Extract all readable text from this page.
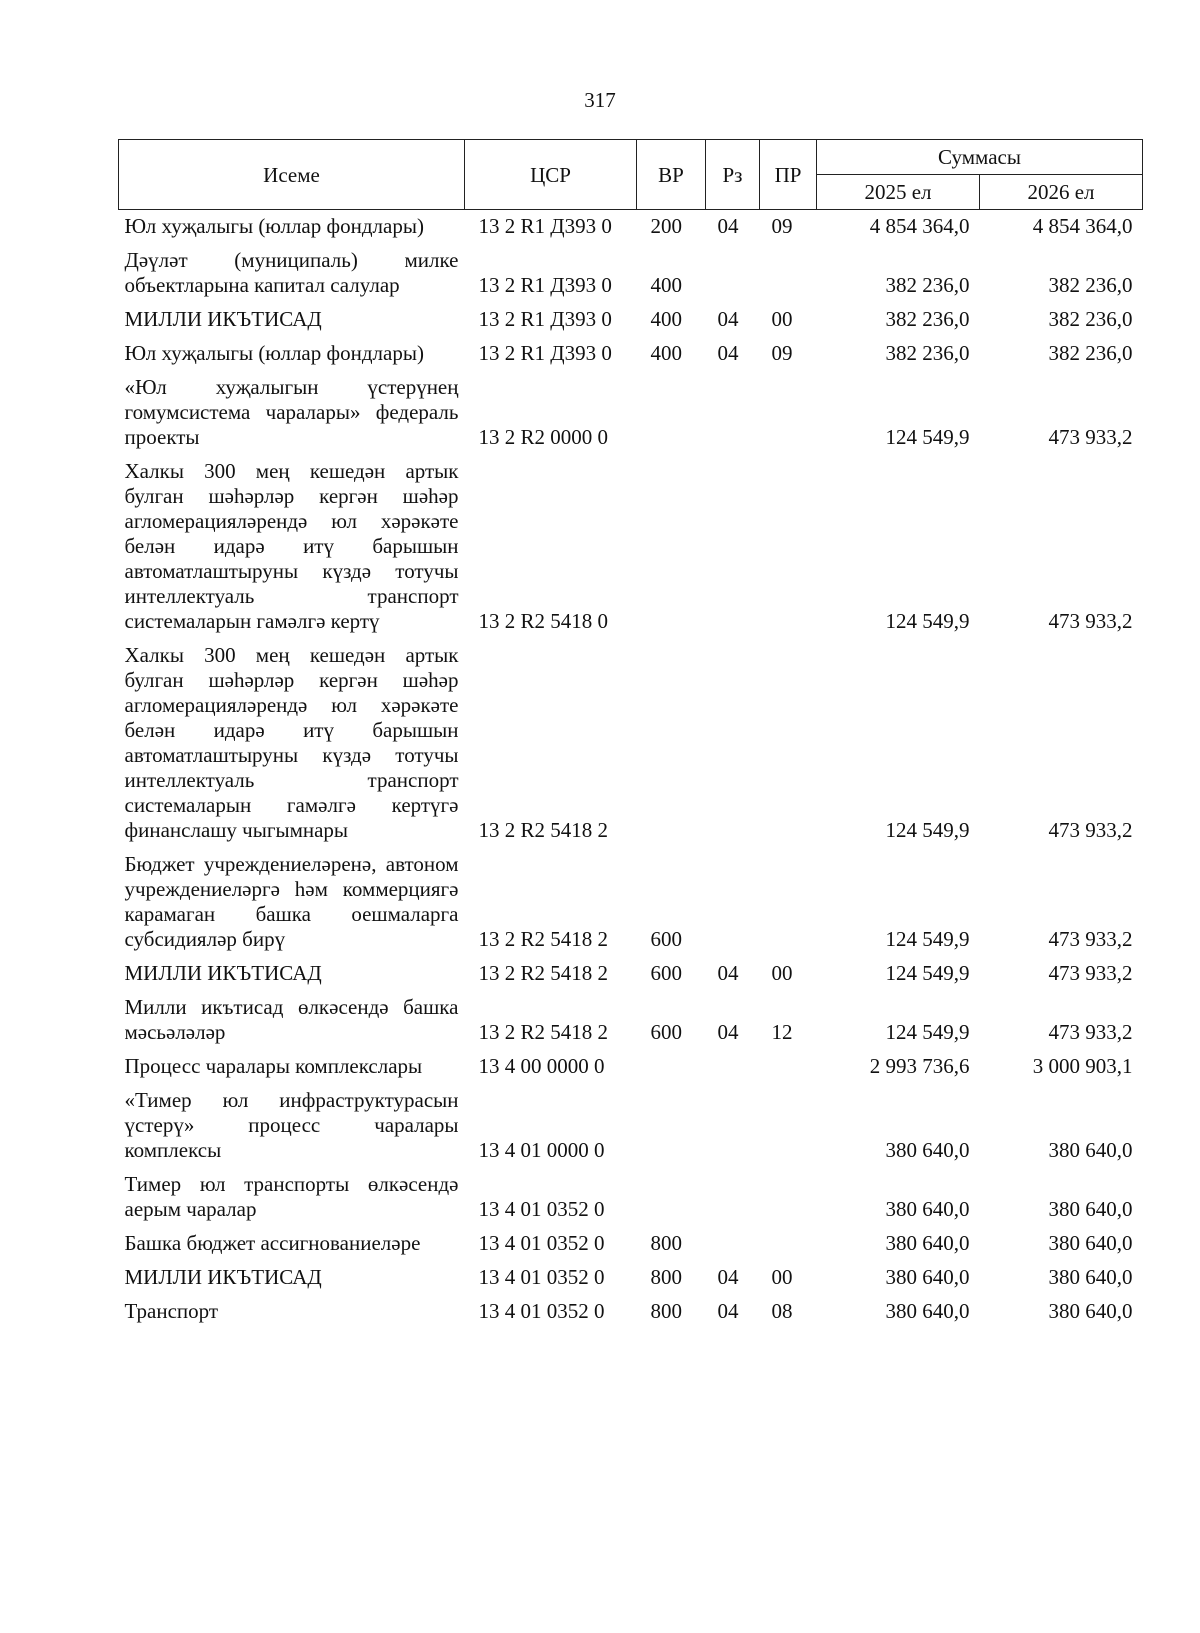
317
Исеме	ЦСР	ВР	Рз	ПР	Суммасы	
					2025 ел	2026 ел
Юл хуҗалыгы (юллар фондлары)	13 2 R1 Д393 0	200	04	09	4 854 364,0	4 854 364,0
Дәүләт (муниципаль) милке объектларына капитал салулар	13 2 R1 Д393 0	400			382 236,0	382 236,0
МИЛЛИ ИКЪТИСАД	13 2 R1 Д393 0	400	04	00	382 236,0	382 236,0
Юл хуҗалыгы (юллар фондлары)	13 2 R1 Д393 0	400	04	09	382 236,0	382 236,0
«Юл хуҗалыгын үстерүнең гомумсистема чаралары» федераль проекты	13 2 R2 0000 0				124 549,9	473 933,2
Халкы 300 мең кешедән артык булган шәһәрләр кергән шәһәр агломерацияләрендә юл хәрәкәте белән идарә итү барышын автоматлаштыруны күздә тотучы интеллектуаль транспорт системаларын гамәлгә кертү	13 2 R2 5418 0				124 549,9	473 933,2
Халкы 300 мең кешедән артык булган шәһәрләр кергән шәһәр агломерацияләрендә юл хәрәкәте белән идарә итү барышын автоматлаштыруны күздә тотучы интеллектуаль транспорт системаларын гамәлгә кертүгә финанслашу чыгымнары	13 2 R2 5418 2				124 549,9	473 933,2
Бюджет учреждениеләренә, автоном учреждениеләргә һәм коммерциягә карамаган башка оешмаларга субсидияләр бирү	13 2 R2 5418 2	600			124 549,9	473 933,2
МИЛЛИ ИКЪТИСАД	13 2 R2 5418 2	600	04	00	124 549,9	473 933,2
Милли икътисад өлкәсендә башка мәсьәләләр	13 2 R2 5418 2	600	04	12	124 549,9	473 933,2
Процесс чаралары комплекслары	13 4 00 0000 0				2 993 736,6	3 000 903,1
«Тимер юл инфраструктурасын үстерү» процесс чаралары комплексы	13 4 01 0000 0				380 640,0	380 640,0
Тимер юл транспорты өлкәсендә аерым чаралар	13 4 01 0352 0				380 640,0	380 640,0
Башка бюджет ассигнованиеләре	13 4 01 0352 0	800			380 640,0	380 640,0
МИЛЛИ ИКЪТИСАД	13 4 01 0352 0	800	04	00	380 640,0	380 640,0
Транспорт	13 4 01 0352 0	800	04	08	380 640,0	380 640,0
